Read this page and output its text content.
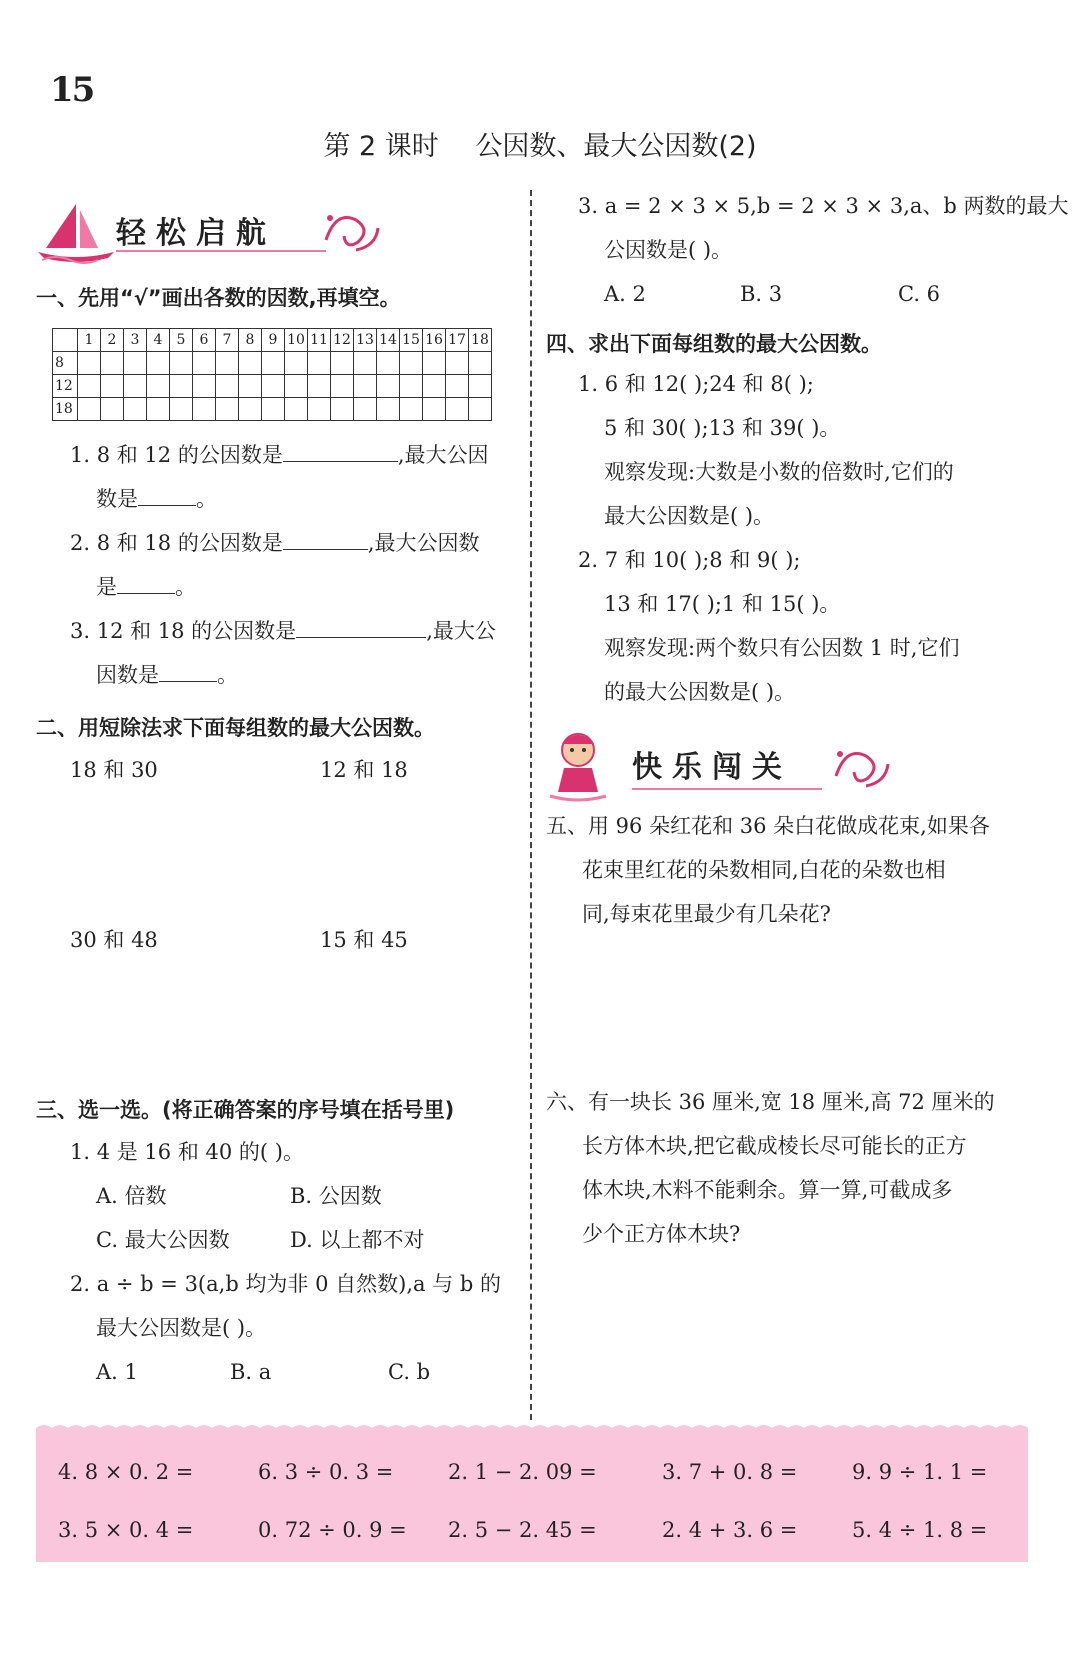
15
第 2 课时 公因数、最大公因数(2)
轻松启航
一、先用“√”画出各数的因数,再填空。
	1	2	3	4	5	6	7	8	9	10	11	12	13	14	15	16	17	18
8																		
12																		
18																		
1. 8 和 12 的公因数是	,最大公因
数是	。
2. 8 和 18 的公因数是	,最大公因数
是	。
3. 12 和 18 的公因数是	,最大公
因数是	。
二、用短除法求下面每组数的最大公因数。
18 和 30	12 和 18
30 和 48	15 和 45
三、选一选。(将正确答案的序号填在括号里)
1. 4 是 16 和 40 的( )。
A. 倍数	B. 公因数
C. 最大公因数	D. 以上都不对
2. a ÷ b = 3(a,b 均为非 0 自然数),a 与 b 的
最大公因数是( )。
A. 1	B. a	C. b
3. a = 2 × 3 × 5,b = 2 × 3 × 3,a、b 两数的最大
公因数是( )。
A. 2	B. 3	C. 6
四、求出下面每组数的最大公因数。
1. 6 和 12( );24 和 8( );
5 和 30( );13 和 39( )。
观察发现:大数是小数的倍数时,它们的
最大公因数是( )。
2. 7 和 10( );8 和 9( );
13 和 17( );1 和 15( )。
观察发现:两个数只有公因数 1 时,它们
的最大公因数是( )。
快乐闯关
五、用 96 朵红花和 36 朵白花做成花束,如果各
花束里红花的朵数相同,白花的朵数也相
同,每束花里最少有几朵花?
六、有一块长 36 厘米,宽 18 厘米,高 72 厘米的
长方体木块,把它截成棱长尽可能长的正方
体木块,木料不能剩余。算一算,可截成多
少个正方体木块?
4. 8 × 0. 2 =	6. 3 ÷ 0. 3 =	2. 1 − 2. 09 =	3. 7 + 0. 8 =	9. 9 ÷ 1. 1 =
3. 5 × 0. 4 =	0. 72 ÷ 0. 9 = 2. 5 − 2. 45 =	2. 4 + 3. 6 =	5. 4 ÷ 1. 8 =
